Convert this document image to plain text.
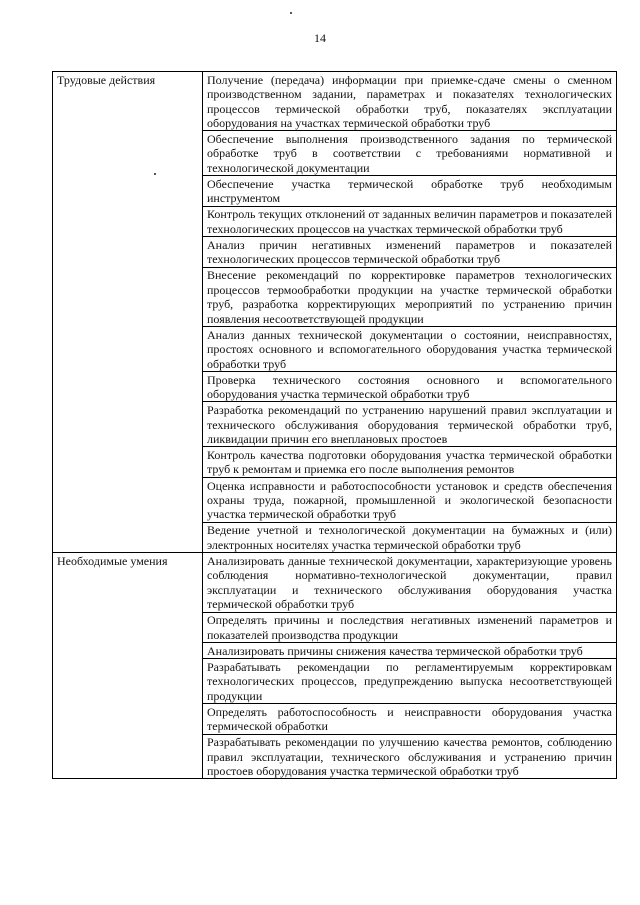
14
Трудовые действия	Получение (передача) информации при приемке-сдаче смены о сменном производственном задании, параметрах и показателях технологических процессов термической обработки труб, показателях эксплуатации оборудования на участках термической обработки труб
	Обеспечение выполнения производственного задания по термической обработке труб в соответствии с требованиями нормативной и технологической документации
	Обеспечение участка термической обработке труб необходимым инструментом
	Контроль текущих отклонений от заданных величин параметров и показателей технологических процессов на участках термической обработки труб
	Анализ причин негативных изменений параметров и показателей технологических процессов термической обработки труб
	Внесение рекомендаций по корректировке параметров технологических процессов термообработки продукции на участке термической обработки труб, разработка корректирующих мероприятий по устранению причин появления несоответствующей продукции
	Анализ данных технической документации о состоянии, неисправностях, простоях основного и вспомогательного оборудования участка термической обработки труб
	Проверка технического состояния основного и вспомогательного оборудования участка термической обработки труб
	Разработка рекомендаций по устранению нарушений правил эксплуатации и технического обслуживания оборудования термической обработки труб, ликвидации причин его внеплановых простоев
	Контроль качества подготовки оборудования участка термической обработки труб к ремонтам и приемка его после выполнения ремонтов
	Оценка исправности и работоспособности установок и средств обеспечения охраны труда, пожарной, промышленной и экологической безопасности участка термической обработки труб
	Ведение учетной и технологической документации на бумажных и (или) электронных носителях участка термической обработки труб
Необходимые умения	Анализировать данные технической документации, характеризующие уровень соблюдения нормативно-технологической документации, правил эксплуатации и технического обслуживания оборудования участка термической обработки труб
	Определять причины и последствия негативных изменений параметров и показателей производства продукции
	Анализировать причины снижения качества термической обработки труб
	Разрабатывать рекомендации по регламентируемым корректировкам технологических процессов, предупреждению выпуска несоответствующей продукции
	Определять работоспособность и неисправности оборудования участка термической обработки
	Разрабатывать рекомендации по улучшению качества ремонтов, соблюдению правил эксплуатации, технического обслуживания и устранению причин простоев оборудования участка термической обработки труб
